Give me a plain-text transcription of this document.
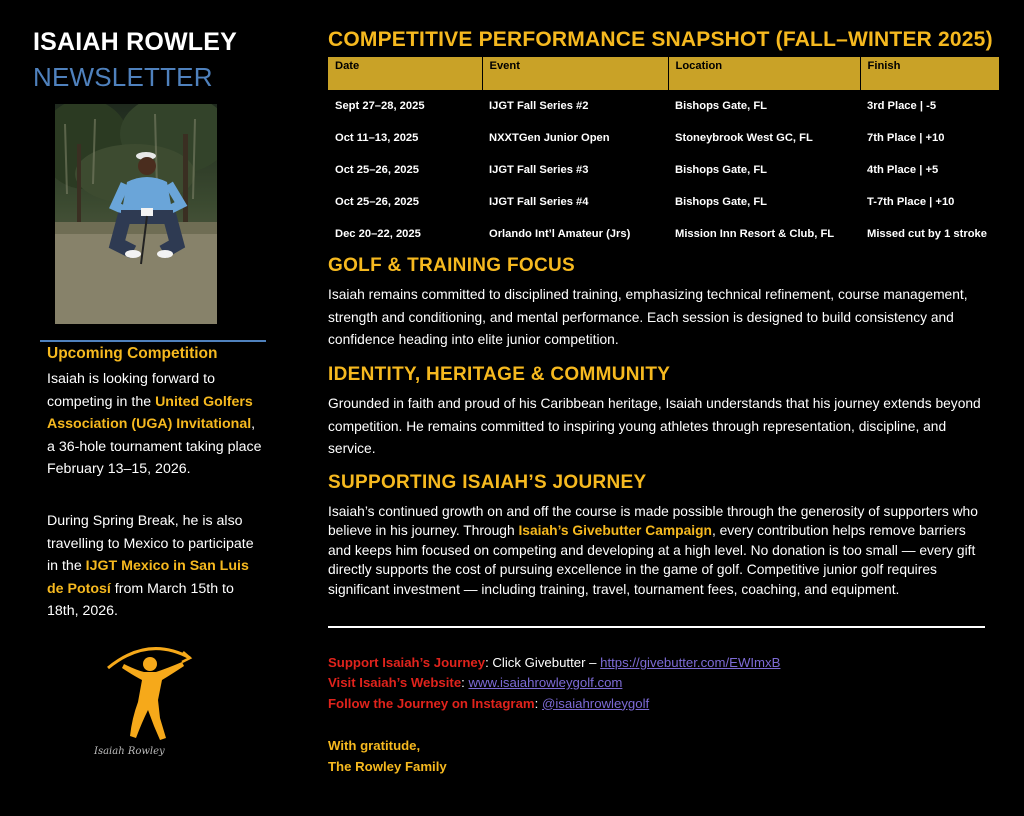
ISAIAH ROWLEY
NEWSLETTER
Upcoming Competition
Isaiah is looking forward to competing in the United Golfers Association (UGA) Invitational, a 36-hole tournament taking place February 13–15, 2026.
During Spring Break, he is also travelling to Mexico to participate in the IJGT Mexico in San Luis de Potosí from March 15th to 18th, 2026.
Isaiah Rowley
COMPETITIVE PERFORMANCE SNAPSHOT (FALL–WINTER 2025)
Date	Event	Location	Finish
Sept 27–28, 2025	IJGT Fall Series #2	Bishops Gate, FL	3rd Place | -5
Oct 11–13, 2025	NXXTGen Junior Open	Stoneybrook West GC, FL	7th Place | +10
Oct 25–26, 2025	IJGT Fall Series #3	Bishops Gate, FL	4th Place | +5
Oct 25–26, 2025	IJGT Fall Series #4	Bishops Gate, FL	T-7th Place | +10
Dec 20–22, 2025	Orlando Int’l Amateur (Jrs)	Mission Inn Resort & Club, FL	Missed cut by 1 stroke
GOLF & TRAINING FOCUS
Isaiah remains committed to disciplined training, emphasizing technical refinement, course management, strength and conditioning, and mental performance. Each session is designed to build consistency and confidence heading into elite junior competition.
IDENTITY, HERITAGE & COMMUNITY
Grounded in faith and proud of his Caribbean heritage, Isaiah understands that his journey extends beyond competition. He remains committed to inspiring young athletes through representation, discipline, and service.
SUPPORTING ISAIAH’S JOURNEY
Isaiah’s continued growth on and off the course is made possible through the generosity of supporters who believe in his journey. Through Isaiah’s Givebutter Campaign, every contribution helps remove barriers and keeps him focused on competing and developing at a high level. No donation is too small — every gift directly supports the cost of pursuing excellence in the game of golf. Competitive junior golf requires significant investment — including training, travel, tournament fees, coaching, and equipment.
Support Isaiah’s Journey: Click Givebutter – https://givebutter.com/EWImxB
Visit Isaiah’s Website: www.isaiahrowleygolf.com
Follow the Journey on Instagram: @isaiahrowleygolf
With gratitude,
The Rowley Family
